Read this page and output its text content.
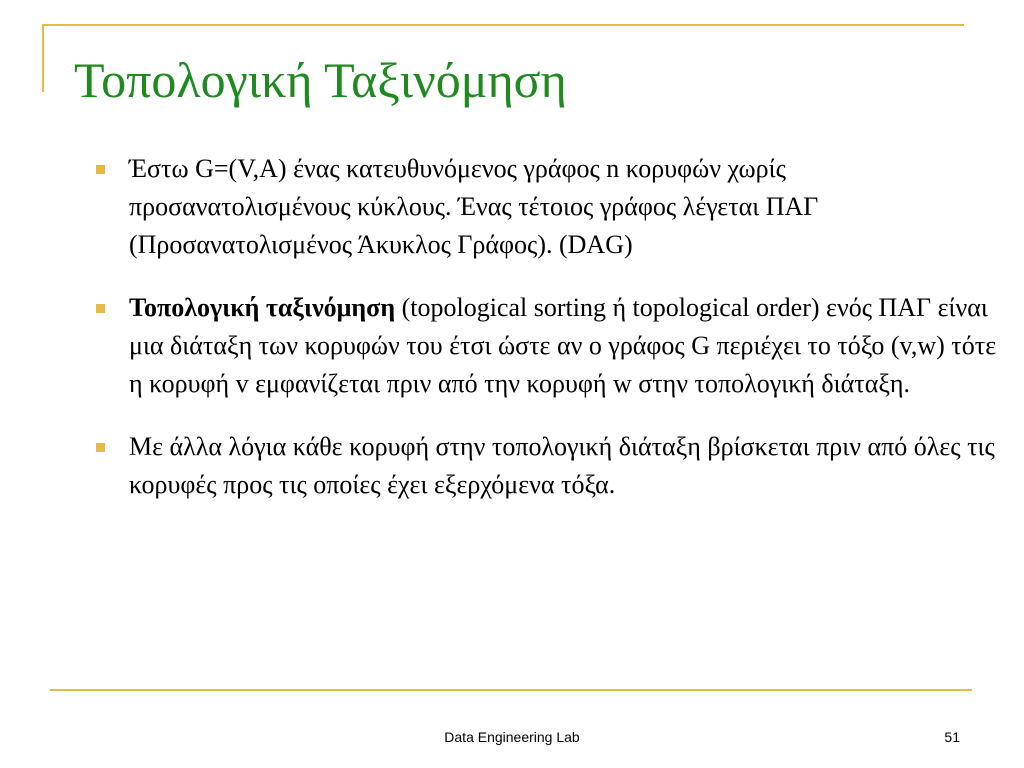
Τοπολογική Ταξινόμηση
Έστω G=(V,A) ένας κατευθυνόμενος γράφος n κορυφών χωρίς προσανατολισμένους κύκλους. Ένας τέτοιος γράφος λέγεται ΠΑΓ (Προσανατολισμένος Άκυκλος Γράφος). (DAG)
Τοπολογική ταξινόμηση (topological sorting ή topological order) ενός ΠΑΓ είναι μια διάταξη των κορυφών του έτσι ώστε αν ο γράφος G περιέχει το τόξο (v,w) τότε η κορυφή v εμφανίζεται πριν από την κορυφή w στην τοπολογική διάταξη.
Με άλλα λόγια κάθε κορυφή στην τοπολογική διάταξη βρίσκεται πριν από όλες τις κορυφές προς τις οποίες έχει εξερχόμενα τόξα.
Data Engineering Lab	51
